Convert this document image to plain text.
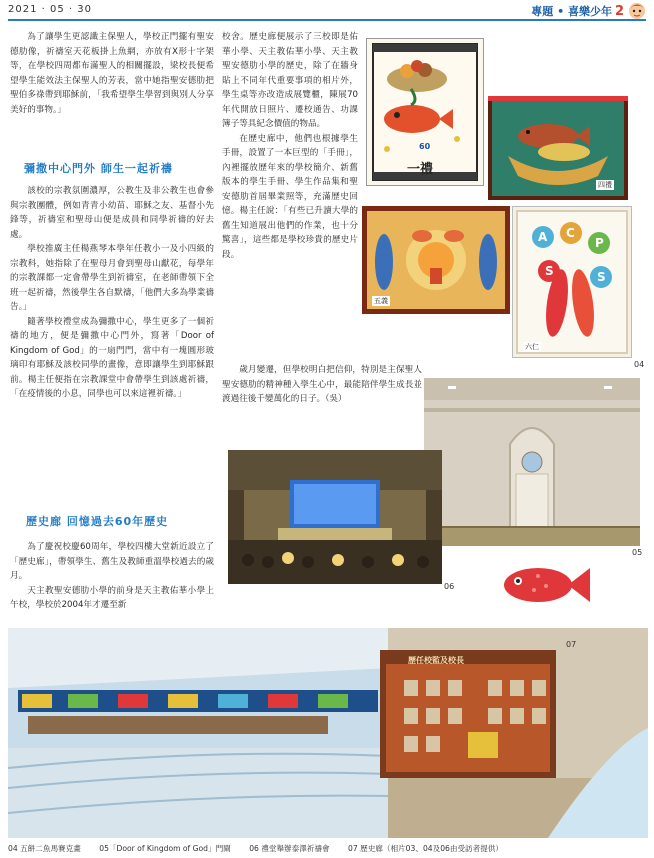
2021 · 05 · 30	專題 • 喜樂少年 2

為了讓學生更認識主保聖人，學校正門擺有聖安德肋像，祈禱室天花板掛上魚網，亦放有X形十字架等，在學校四周都布滿聖人的相關擺設，梁校長便希望學生能效法主保聖人的芳表，當中她指聖安德肋把聖伯多祿帶到耶穌前，「我希望學生學習到與別人分享美好的事物。」

彌撒中心門外 師生一起祈禱

該校的宗教氛圍濃厚，公教生及非公教生也會參與宗教團體，例如青青小幼苗、耶穌之友、基督小先鋒等，祈禱室和聖母山便是成員和同學祈禱的好去處。

學校推廣主任楊燕琴本學年任教小一及小四級的宗教科，她指除了在聖母月會到聖母山獻花，每學年的宗教課都一定會帶學生到祈禱室，在老師帶領下全班一起祈禱，然後學生各自默禱，「他們大多為學業禱告。」

隨著學校禮堂成為彌撒中心，學生更多了一個祈禱的地方，便是彌撒中心門外，寫著「Door of Kingdom of God」的一扇門門，當中有一塊圓形玻璃印有耶穌及該校同學的畫像，意即讓學生到耶穌跟前。楊主任便指在宗教課堂中會帶學生到該處祈禱，「在疫情後的小息，同學也可以來這裡祈禱。」

歷史廊 回憶過去60年歷史

為了慶祝校慶60周年，學校四樓大堂新近設立了「歷史廊」，帶領學生、舊生及教師重溫學校過去的歲月。

天主教聖安德肋小學的前身是天主教佑華小學上午校，學校於2004年才遷至新

校舍。歷史廊便展示了三校即是佑華小學、天主教佑華小學、天主教聖安德肋小學的歷史，除了在牆身貼上不同年代重要事項的相片外，學生桌等亦改造成展覽櫃，陳展70年代開放日照片、遷校通告、功課簿子等具紀念價值的物品。

在歷史廊中，他們也根據學生手冊，設置了一本巨型的「手冊」，內裡擺放歷年來的學校簡介、新舊版本的學生手冊、學生作品集和聖安德肋首屆畢業照等，充滿歷史回憶。楊主任說：「有些已升讀大學的舊生知道展出他們的作業，也十分驚喜」，這些都是學校珍貴的歷史片段。

歲月變遷，但學校明白把信仰，特別是主保聖人聖安德肋的精神種入學生心中，最能陪伴學生成長並渡過往後千變萬化的日子。（吳）

60
一禮
四禮
五義
A C
P
S	S
六仁
04
05
06
歷任校監及校長
07
04 五餅二魚馬賽克畫 05「Door of Kingdom of God」門閘 06 禮堂舉辦泰澤祈禱會 07 歷史廊（相片03、04及06由受訪者提供）
